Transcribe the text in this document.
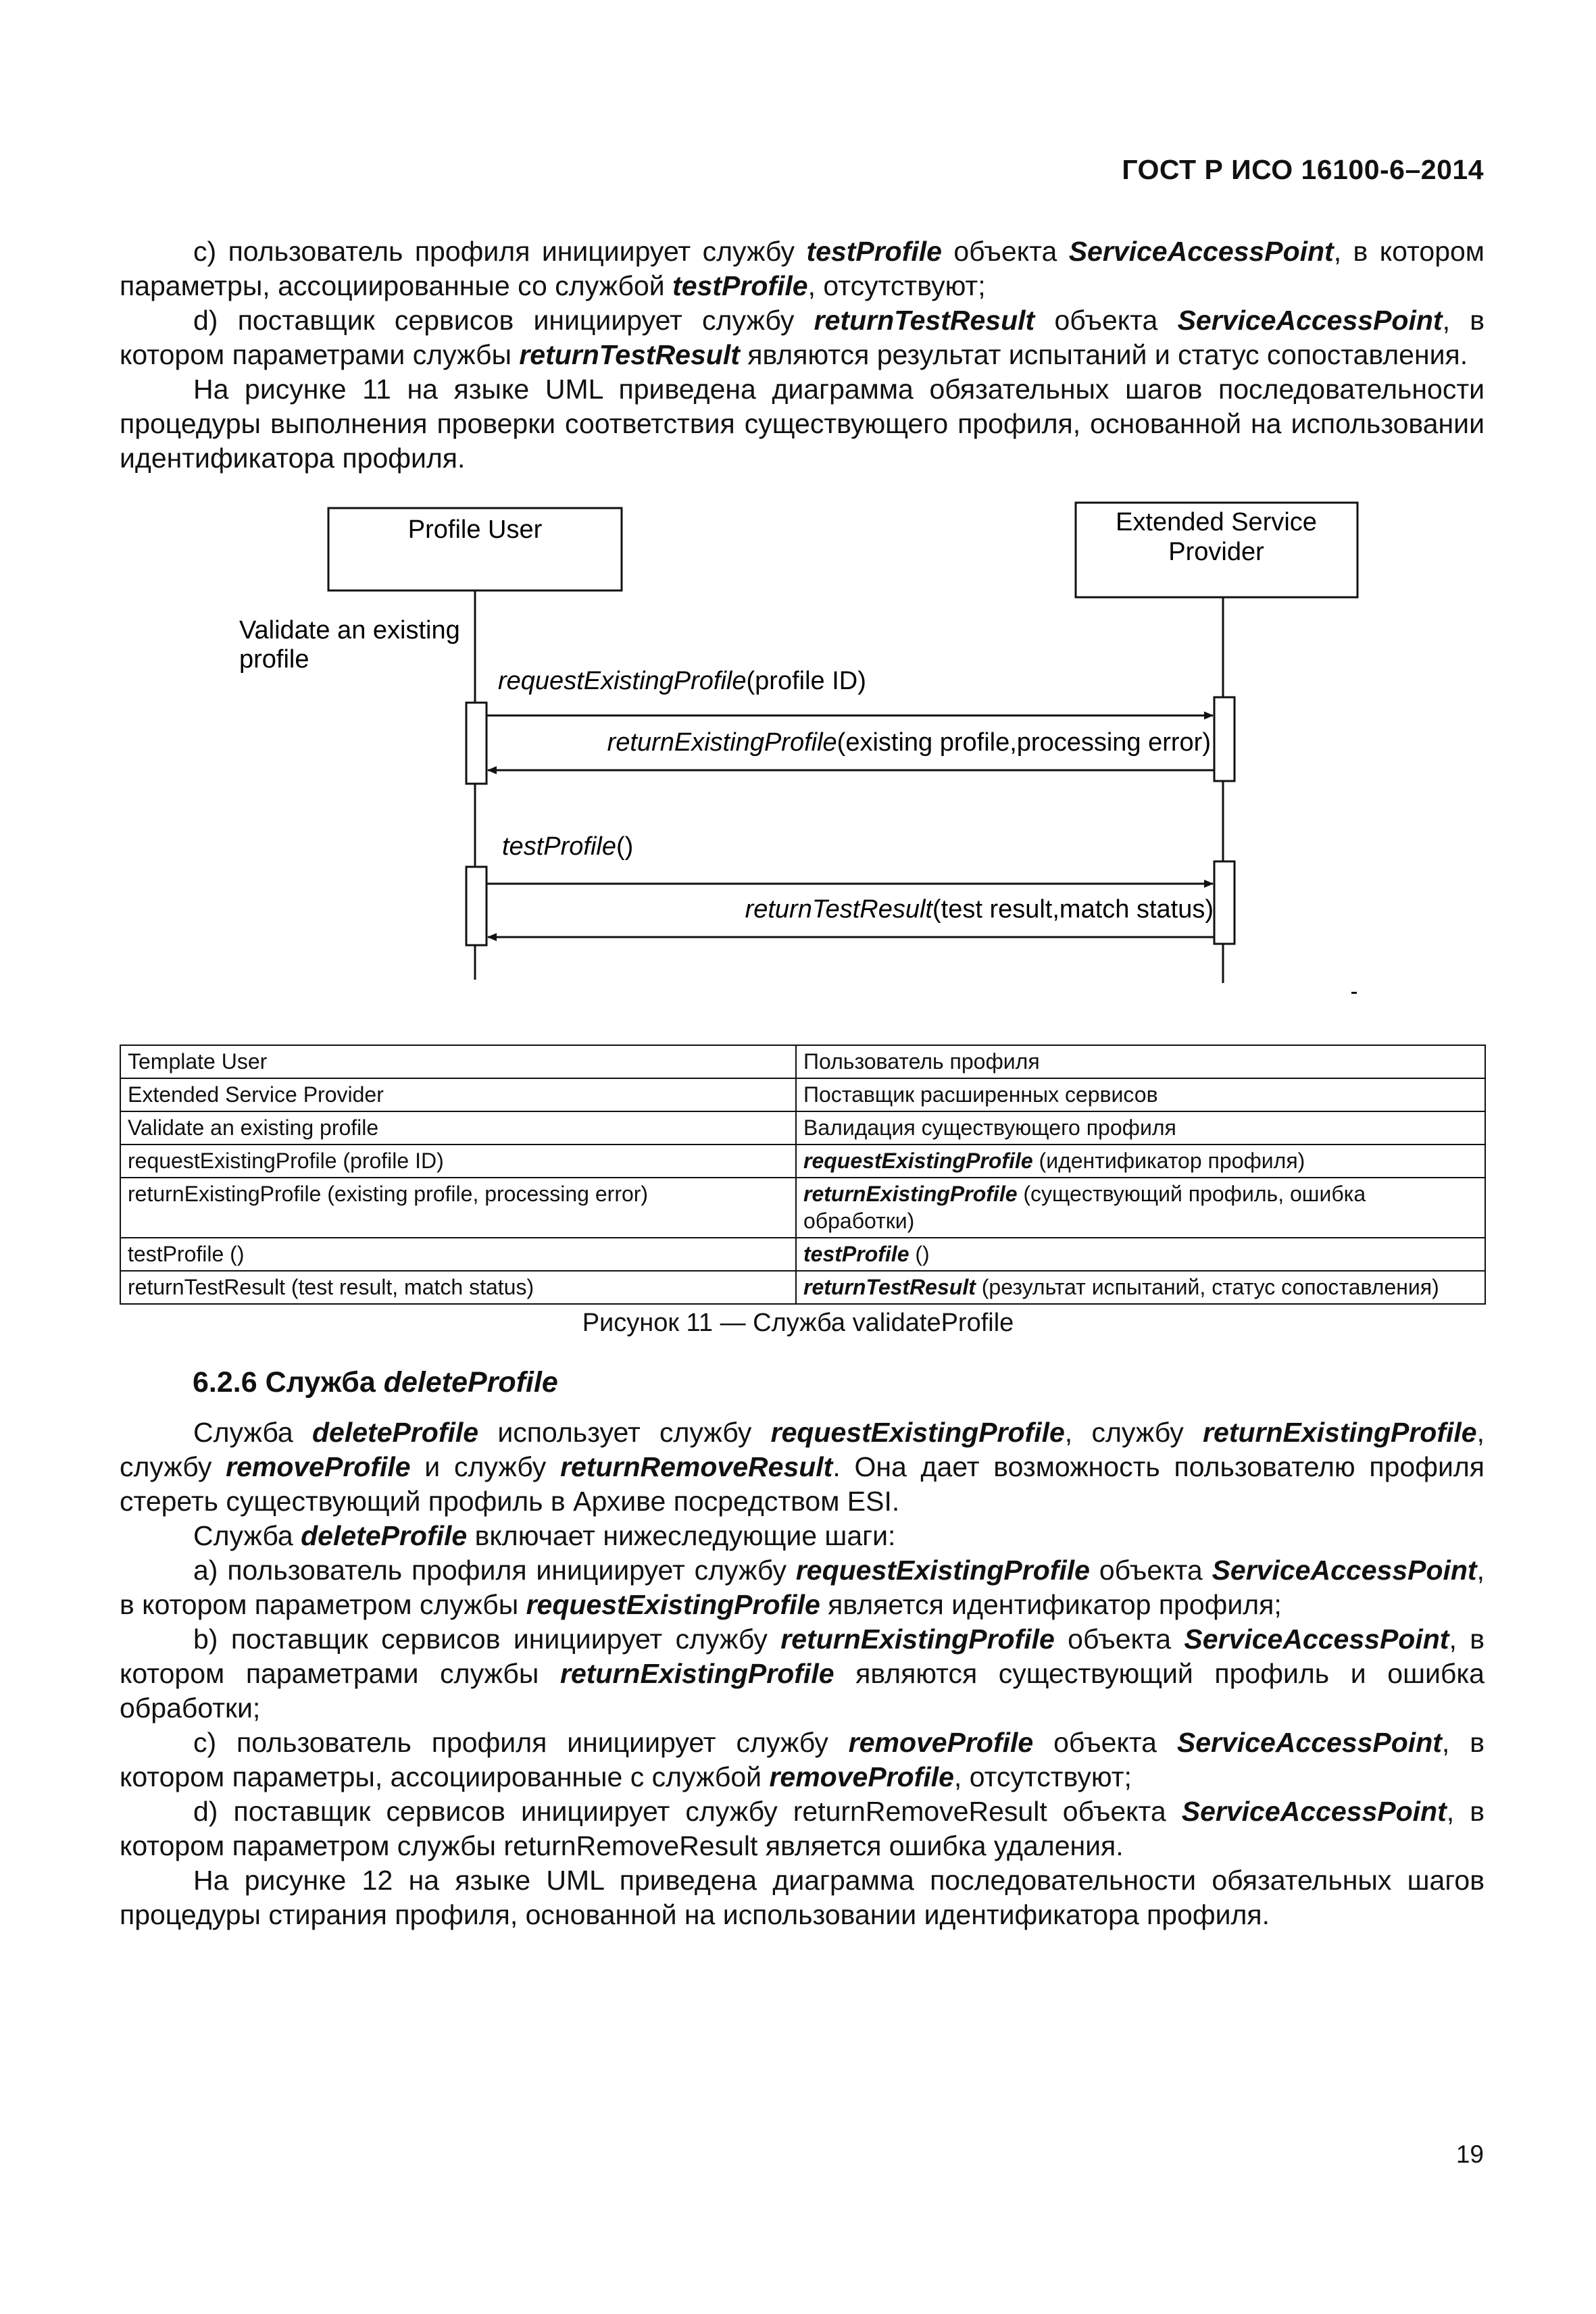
ГОСТ Р ИСО 16100-6–2014

с) пользователь профиля инициирует службу testProfile объекта ServiceAccessPoint, в котором параметры, ассоциированные со службой testProfile, отсутствуют;

d) поставщик сервисов инициирует службу returnTestResult объекта ServiceAccessPoint, в котором параметрами службы returnTestResult являются результат испытаний и статус сопоставления.

На рисунке 11 на языке UML приведена диаграмма обязательных шагов последовательности процедуры выполнения проверки соответствия существующего профиля, основанной на использовании идентификатора профиля.

Profile User	Extended Service
Provider
Validate an existing
profile
requestExistingProfile(profile ID)
returnExistingProfile(existing profile,processing error)
testProfile()
returnTestResult(test result,match status)
Template User	Пользователь профиля
Extended Service Provider	Поставщик расширенных сервисов
Validate an existing profile	Валидация существующего профиля
requestExistingProfile (profile ID)	requestExistingProfile (идентификатор профиля)
returnExistingProfile (existing profile, processing error)	returnExistingProfile (существующий профиль, ошибка обработки)
testProfile ()	testProfile ()
returnTestResult (test result, match status)	returnTestResult (результат испытаний, статус сопоставления)
Рисунок 11 — Служба validateProfile
6.2.6 Служба deleteProfile

Служба deleteProfile использует службу requestExistingProfile, службу returnExistingProfile, службу removeProfile и службу returnRemoveResult. Она дает возможность пользователю профиля стереть существующий профиль в Архиве посредством ESI.

Служба deleteProfile включает нижеследующие шаги:

а) пользователь профиля инициирует службу requestExistingProfile объекта ServiceAccessPoint, в котором параметром службы requestExistingProfile является идентификатор профиля;

b) поставщик сервисов инициирует службу returnExistingProfile объекта ServiceAccessPoint, в котором параметрами службы returnExistingProfile являются существующий профиль и ошибка обработки;

с) пользователь профиля инициирует службу removeProfile объекта ServiceAccessPoint, в котором параметры, ассоциированные с службой removeProfile, отсутствуют;

d) поставщик сервисов инициирует службу returnRemoveResult объекта ServiceAccessPoint, в котором параметром службы returnRemoveResult является ошибка удаления.

На рисунке 12 на языке UML приведена диаграмма последовательности обязательных шагов процедуры стирания профиля, основанной на использовании идентификатора профиля.

19
